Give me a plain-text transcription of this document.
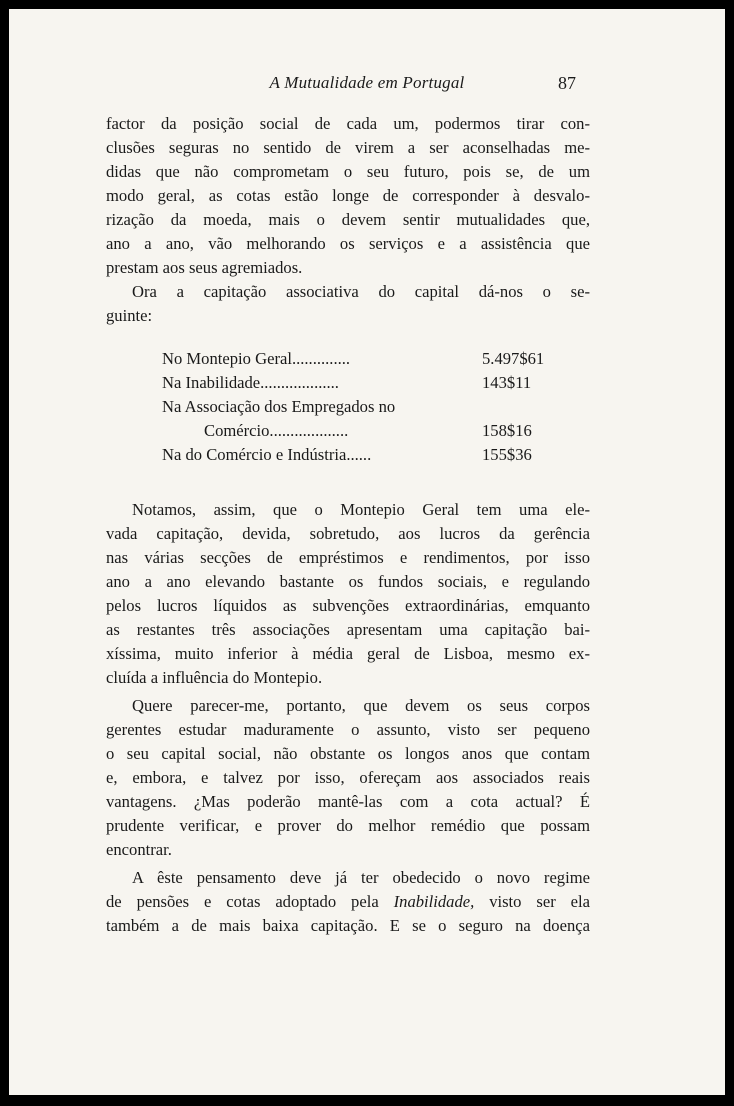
A Mutualidade em Portugal	87

factor da posição social de cada um, podermos tirar con-

clusões seguras no sentido de virem a ser aconselhadas me-

didas que não comprometam o seu futuro, pois se, de um

modo geral, as cotas estão longe de corresponder à desvalo-

rização da moeda, mais o devem sentir mutualidades que,

ano a ano, vão melhorando os serviços e a assistência que

prestam aos seus agremiados.

Ora a capitação associativa do capital dá-nos o se-

guinte:

No Montepio Geral..............	5.497$61
Na Inabilidade...................	143$11
Na Associação dos Empregados no
Comércio...................	158$16
Na do Comércio e Indústria......	155$36

Notamos, assim, que o Montepio Geral tem uma ele-

vada capitação, devida, sobretudo, aos lucros da gerência

nas várias secções de empréstimos e rendimentos, por isso

ano a ano elevando bastante os fundos sociais, e regulando

pelos lucros líquidos as subvenções extraordinárias, emquanto

as restantes três associações apresentam uma capitação bai-

xíssima, muito inferior à média geral de Lisboa, mesmo ex-

cluída a influência do Montepio.

Quere parecer-me, portanto, que devem os seus corpos

gerentes estudar maduramente o assunto, visto ser pequeno

o seu capital social, não obstante os longos anos que contam

e, embora, e talvez por isso, ofereçam aos associados reais

vantagens. ¿Mas poderão mantê-las com a cota actual? É

prudente verificar, e prover do melhor remédio que possam

encontrar.

A êste pensamento deve já ter obedecido o novo regime

de pensões e cotas adoptado pela Inabilidade, visto ser ela

também a de mais baixa capitação. E se o seguro na doença
